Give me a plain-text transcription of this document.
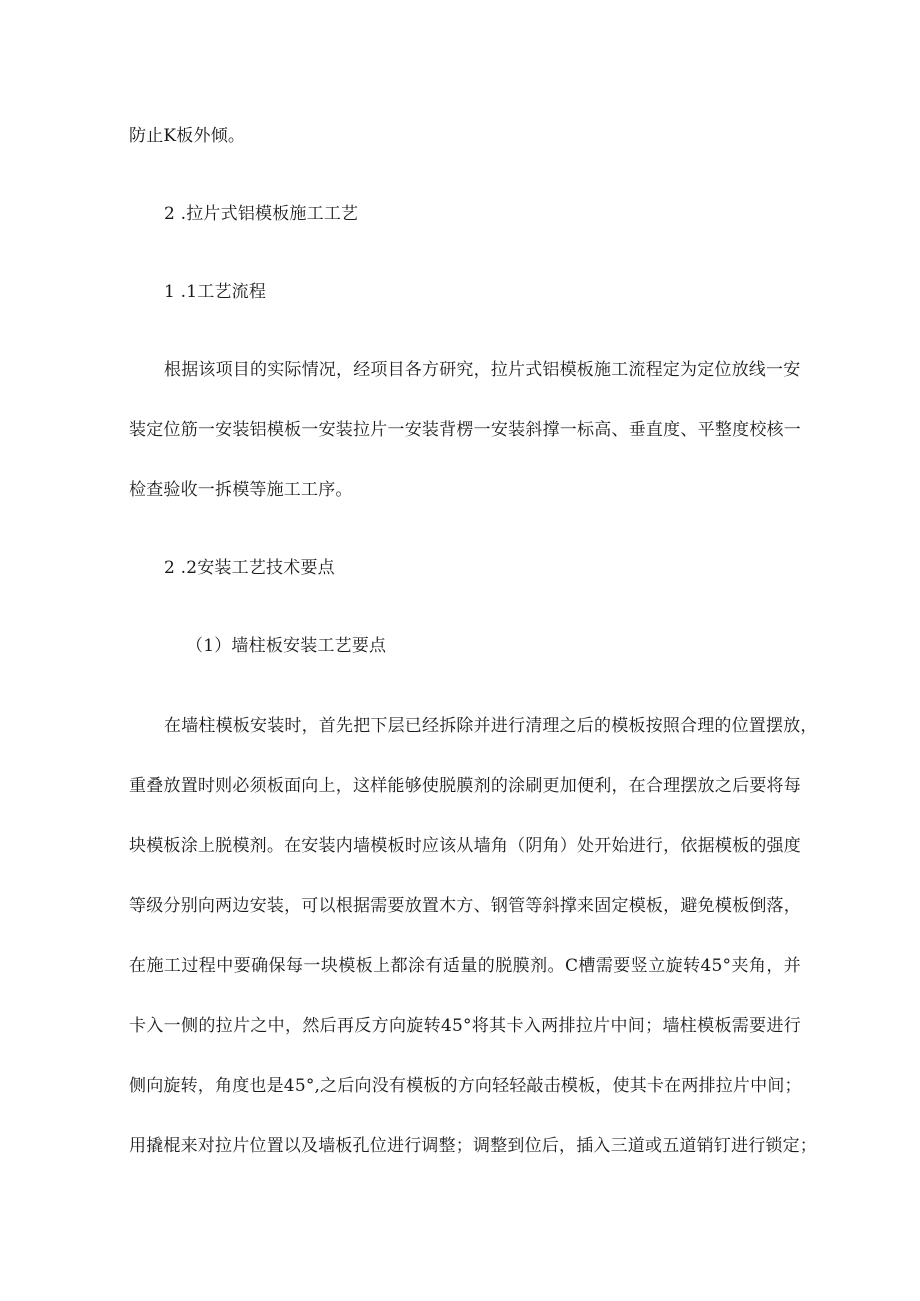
防止K板外倾。
2 .拉片式铝模板施工工艺
1 .1工艺流程
根据该项目的实际情况，经项目各方研究，拉片式铝模板施工流程定为定位放线一安
装定位筋一安装铝模板一安装拉片一安装背楞一安装斜撑一标高、垂直度、平整度校核一
检查验收一拆模等施工工序。
2 .2安装工艺技术要点
（1）墙柱板安装工艺要点
在墙柱模板安装时，首先把下层已经拆除并进行清理之后的模板按照合理的位置摆放，
重叠放置时则必须板面向上，这样能够使脱膜剂的涂刷更加便利，在合理摆放之后要将每
块模板涂上脱模剂。在安装内墙模板时应该从墙角（阴角）处开始进行，依据模板的强度
等级分别向两边安装，可以根据需要放置木方、钢管等斜撑来固定模板，避免模板倒落，
在施工过程中要确保每一块模板上都涂有适量的脱膜剂。C槽需要竖立旋转45°夹角，并
卡入一侧的拉片之中，然后再反方向旋转45°将其卡入两排拉片中间；墙柱模板需要进行
侧向旋转，角度也是45°,之后向没有模板的方向轻轻敲击模板，使其卡在两排拉片中间；
用撬棍来对拉片位置以及墙板孔位进行调整；调整到位后，插入三道或五道销钉进行锁定；
